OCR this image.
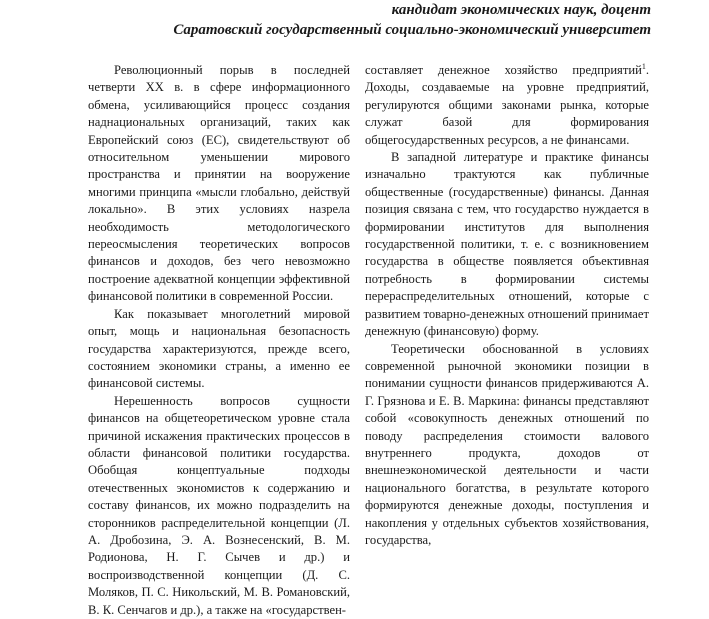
кандидат экономических наук, доцент
Саратовский государственный социально-экономический университет

Революционный порыв в последней четверти XX в. в сфере информационного обмена, усиливающийся процесс создания наднациональных организаций, таких как Европейский союз (ЕС), свидетельствуют об относительном уменьшении мирового пространства и принятии на вооружение многими принципа «мысли глобально, действуй локально». В этих условиях назрела необходимость методологического переосмысления теоретических вопросов финансов и доходов, без чего невозможно построение адекватной концепции эффективной финансовой политики в современной России.

Как показывает многолетний мировой опыт, мощь и национальная безопасность государства характеризуются, прежде всего, состоянием экономики страны, а именно ее финансовой системы.

Нерешенность вопросов сущности финансов на общетеоретическом уровне стала причиной искажения практических процессов в области финансовой политики государства. Обобщая концептуальные подходы отечественных экономистов к содержанию и составу финансов, их можно подразделить на сторонников распределительной концепции (Л. А. Дробозина, Э. А. Вознесенский, В. М. Родионова, Н. Г. Сычев и др.) и воспроизводственной концепции (Д. С. Моляков, П. С. Никольский, М. В. Романовский, В. К. Сенчагов и др.), а также на «государствен-

составляет денежное хозяйство предприятий$^1$. Доходы, создаваемые на уровне предприятий, регулируются общими законами рынка, которые служат базой для формирования общегосударственных ресурсов, а не финансами.

В западной литературе и практике финансы изначально трактуются как публичные общественные (государственные) финансы. Данная позиция связана с тем, что государство нуждается в формировании институтов для выполнения государственной политики, т. е. с возникновением государства в обществе появляется объективная потребность в формировании системы перераспределительных отношений, которые с развитием товарно-денежных отношений принимает денежную (финансовую) форму.

Теоретически обоснованной в условиях современной рыночной экономики позиции в понимании сущности финансов придерживаются А. Г. Грязнова и Е. В. Маркина: финансы представляют собой «совокупность денежных отношений по поводу распределения стоимости валового внутреннего продукта, доходов от внешнеэкономической деятельности и части национального богатства, в результате которого формируются денежные доходы, поступления и накопления у отдельных субъектов хозяйствования, государства,
